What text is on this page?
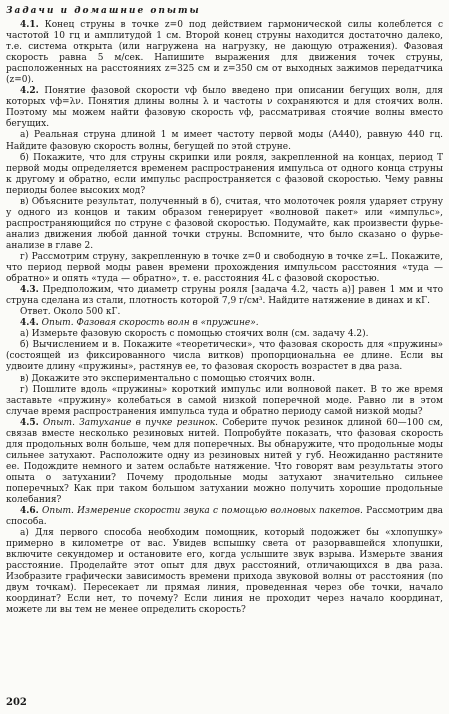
Задачи и домашние опыты

4.1. Конец струны в точке z=0 под действием гармонической силы колеблется с частотой 10 гц и амплитудой 1 см. Второй конец струны находится достаточно далеко, т.е. система открыта (или нагружена на нагрузку, не дающую отражения). Фазовая скорость равна 5 м/сек. Напишите выражения для движения точек струны, расположенных на расстояниях z=325 см и z=350 см от выходных зажимов передатчика (z=0).

4.2. Понятие фазовой скорости vф было введено при описании бегущих волн, для которых vф=λν. Понятия длины волны λ и частоты ν сохраняются и для стоячих волн. Поэтому мы можем найти фазовую скорость vф, рассматривая стоячие волны вместо бегущих.

а) Реальная струна длиной 1 м имеет частоту первой моды (A440), равную 440 гц. Найдите фазовую скорость волны, бегущей по этой струне.

б) Покажите, что для струны скрипки или рояля, закрепленной на концах, период T первой моды определяется временем распространения импульса от одного конца струны к другому и обратно, если импульс распространяется с фазовой скоростью. Чему равны периоды более высоких мод?

в) Объясните результат, полученный в б), считая, что молоточек рояля ударяет струну у одного из концов и таким образом генерирует «волновой пакет» или «импульс», распространяющийся по струне с фазовой скоростью. Подумайте, как произвести фурье-анализ движения любой данной точки струны. Вспомните, что было сказано о фурье-анализе в главе 2.

г) Рассмотрим струну, закрепленную в точке z=0 и свободную в точке z=L. Покажите, что период первой моды равен времени прохождения импульсом расстояния «туда — обратно» и опять «туда — обратно», т. е. расстояния 4L с фазовой скоростью.

4.3. Предположим, что диаметр струны рояля [задача 4.2, часть а)] равен 1 мм и что струна сделана из стали, плотность которой 7,9 г/см³. Найдите натяжение в динах и кГ.

Ответ. Около 500 кГ.

4.4. Опыт. Фазовая скорость волн в «пружине».

а) Измерьте фазовую скорость с помощью стоячих волн (см. задачу 4.2).

б) Вычислением и в. Покажите «теоретически», что фазовая скорость для «пружины» (состоящей из фиксированного числа витков) пропорциональна ее длине. Если вы удвоите длину «пружины», растянув ее, то фазовая скорость возрастет в два раза.

в) Докажите это экспериментально с помощью стоячих волн.

г) Пошлите вдоль «пружины» короткий импульс или волновой пакет. В то же время заставьте «пружину» колебаться в самой низкой поперечной моде. Равно ли в этом случае время распространения импульса туда и обратно периоду самой низкой моды?

4.5. Опыт. Затухание в пучке резинок. Соберите пучок резинок длиной 60—100 см, связав вместе несколько резиновых нитей. Попробуйте показать, что фазовая скорость для продольных волн больше, чем для поперечных. Вы обнаружите, что продольные моды сильнее затухают. Расположите одну из резиновых нитей у губ. Неожиданно растяните ее. Подождите немного и затем ослабьте натяжение. Что говорят вам результаты этого опыта о затухании? Почему продольные моды затухают значительно сильнее поперечных? Как при таком большом затухании можно получить хорошие продольные колебания?

4.6. Опыт. Измерение скорости звука с помощью волновых пакетов. Рассмотрим два способа.

а) Для первого способа необходим помощник, который подожжет бы «хлопушку» примерно в километре от вас. Увидев вспышку света от разорвавшейся хлопушки, включите секундомер и остановите его, когда услышите звук взрыва. Измерьте звания расстояние. Проделайте этот опыт для двух расстояний, отличающихся в два раза. Изобразите графически зависимость времени прихода звуковой волны от расстояния (по двум точкам). Пересекает ли прямая линия, проведенная через обе точки, начало координат? Если нет, то почему? Если линия не проходит через начало координат, можете ли вы тем не менее определить скорость?

202
